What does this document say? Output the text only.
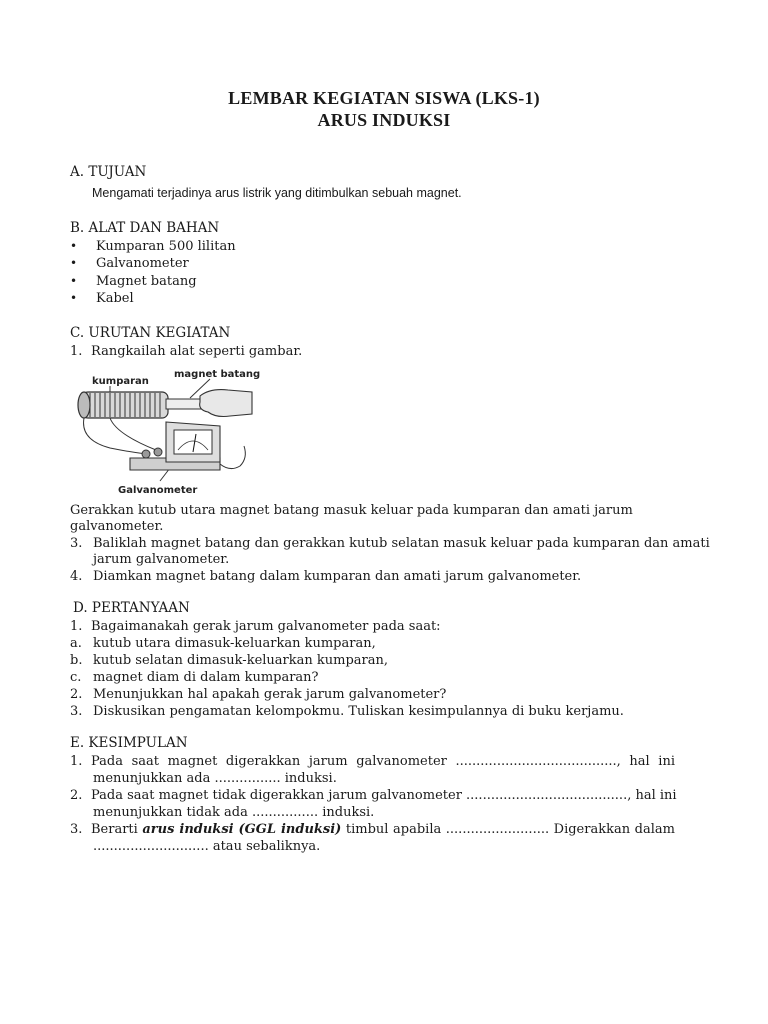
LEMBAR KEGIATAN SISWA (LKS-1)
ARUS INDUKSI
A. TUJUAN
Mengamati terjadinya arus listrik yang ditimbulkan sebuah magnet.
B. ALAT DAN BAHAN
• Kumparan 500 lilitan
• Galvanometer
• Magnet batang
• Kabel
C. URUTAN KEGIATAN
1. Rangkailah alat seperti gambar.
kumparan
magnet batang
Galvanometer
Gerakkan kutub utara magnet batang masuk keluar pada kumparan dan amati jarum
galvanometer.
3. Baliklah magnet batang dan gerakkan kutub selatan masuk keluar pada kumparan dan amati
jarum galvanometer.
4. Diamkan magnet batang dalam kumparan dan amati jarum galvanometer.
D. PERTANYAAN
1. Bagaimanakah gerak jarum galvanometer pada saat:
a. kutub utara dimasuk-keluarkan kumparan,
b. kutub selatan dimasuk-keluarkan kumparan,
c. magnet diam di dalam kumparan?
2. Menunjukkan hal apakah gerak jarum galvanometer?
3. Diskusikan pengamatan kelompokmu. Tuliskan kesimpulannya di buku kerjamu.
E. KESIMPULAN
1. Pada saat magnet digerakkan jarum galvanometer ......................................., hal ini
menunjukkan ada ................ induksi.
2. Pada saat magnet tidak digerakkan jarum galvanometer ......................................., hal ini
menunjukkan tidak ada ................ induksi.
3. Berarti arus induksi (GGL induksi) timbul apabila ......................... Digerakkan dalam
............................ atau sebaliknya.
